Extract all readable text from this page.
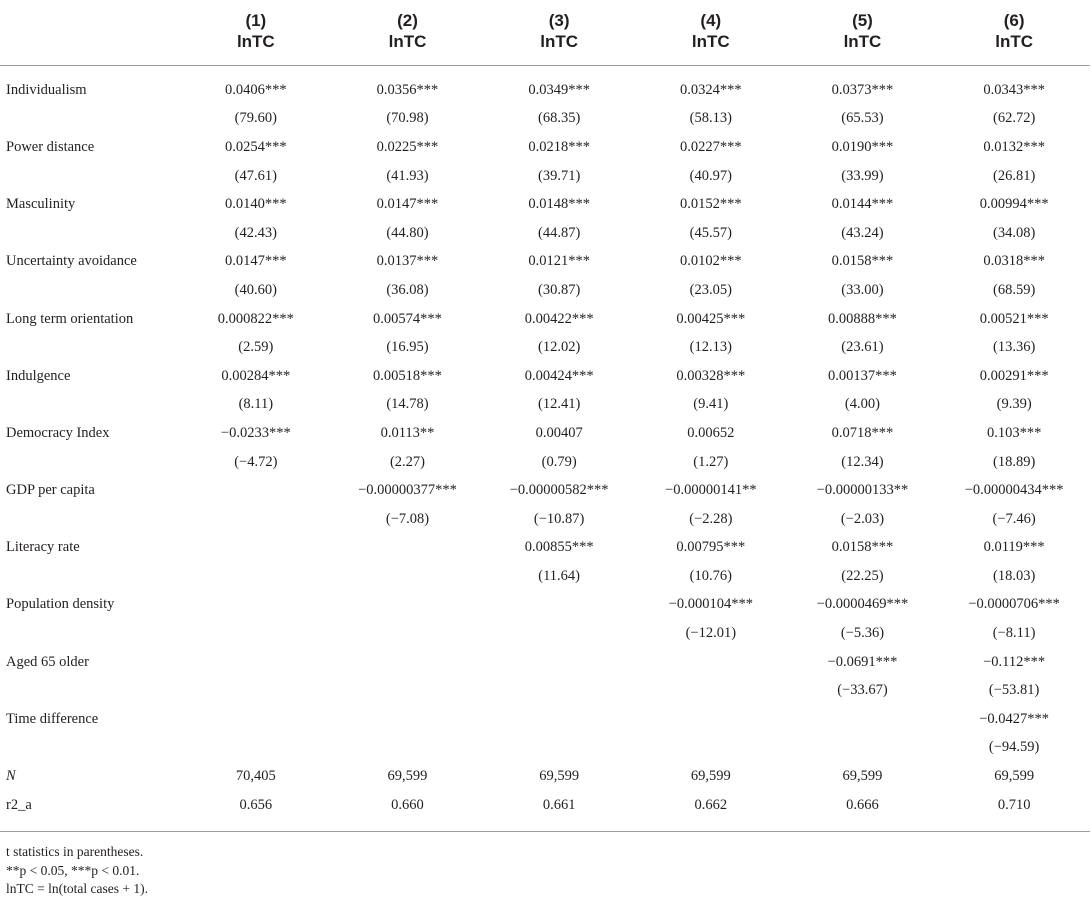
	(1)	(2)	(3)	(4)	(5)	(6)
	lnTC	lnTC	lnTC	lnTC	lnTC	lnTC
Individualism	0.0406***	0.0356***	0.0349***	0.0324***	0.0373***	0.0343***
	(79.60)	(70.98)	(68.35)	(58.13)	(65.53)	(62.72)
Power distance	0.0254***	0.0225***	0.0218***	0.0227***	0.0190***	0.0132***
	(47.61)	(41.93)	(39.71)	(40.97)	(33.99)	(26.81)
Masculinity	0.0140***	0.0147***	0.0148***	0.0152***	0.0144***	0.00994***
	(42.43)	(44.80)	(44.87)	(45.57)	(43.24)	(34.08)
Uncertainty avoidance	0.0147***	0.0137***	0.0121***	0.0102***	0.0158***	0.0318***
	(40.60)	(36.08)	(30.87)	(23.05)	(33.00)	(68.59)
Long term orientation	0.000822***	0.00574***	0.00422***	0.00425***	0.00888***	0.00521***
	(2.59)	(16.95)	(12.02)	(12.13)	(23.61)	(13.36)
Indulgence	0.00284***	0.00518***	0.00424***	0.00328***	0.00137***	0.00291***
	(8.11)	(14.78)	(12.41)	(9.41)	(4.00)	(9.39)
Democracy Index	−0.0233***	0.0113**	0.00407	0.00652	0.0718***	0.103***
	(−4.72)	(2.27)	(0.79)	(1.27)	(12.34)	(18.89)
GDP per capita		−0.00000377***	−0.00000582***	−0.00000141**	−0.00000133**	−0.00000434***
		(−7.08)	(−10.87)	(−2.28)	(−2.03)	(−7.46)
Literacy rate			0.00855***	0.00795***	0.0158***	0.0119***
			(11.64)	(10.76)	(22.25)	(18.03)
Population density				−0.000104***	−0.0000469***	−0.0000706***
				(−12.01)	(−5.36)	(−8.11)
Aged 65 older					−0.0691***	−0.112***
					(−33.67)	(−53.81)
Time difference						−0.0427***
						(−94.59)
N	70,405	69,599	69,599	69,599	69,599	69,599
r2_a	0.656	0.660	0.661	0.662	0.666	0.710
t statistics in parentheses.
**p < 0.05, ***p < 0.01.
lnTC = ln(total cases + 1).
